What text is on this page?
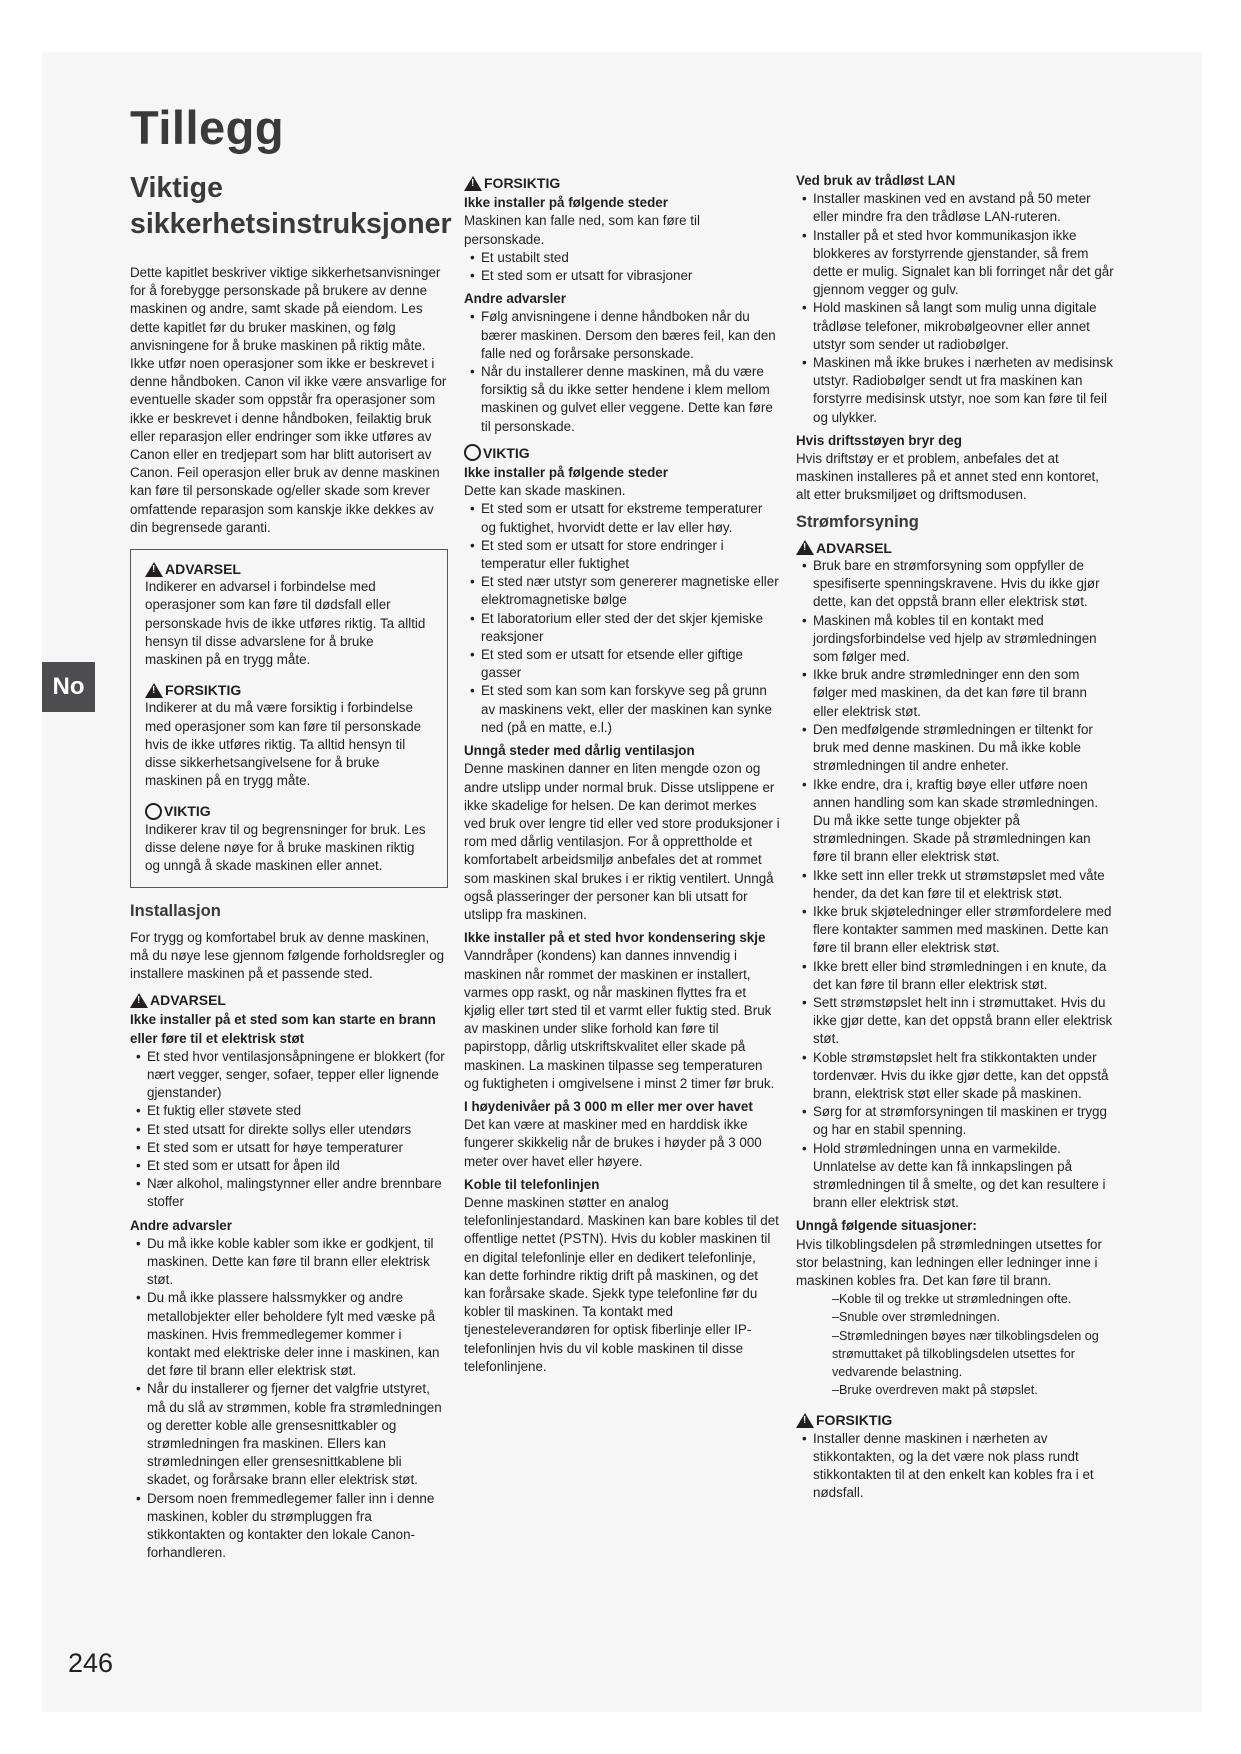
Tillegg
No
Viktige sikkerhetsinstruksjoner

Dette kapitlet beskriver viktige sikkerhetsanvisninger for å forebygge personskade på brukere av denne maskinen og andre, samt skade på eiendom. Les dette kapitlet før du bruker maskinen, og følg anvisningene for å bruke maskinen på riktig måte. Ikke utfør noen operasjoner som ikke er beskrevet i denne håndboken. Canon vil ikke være ansvarlige for eventuelle skader som oppstår fra operasjoner som ikke er beskrevet i denne håndboken, feilaktig bruk eller reparasjon eller endringer som ikke utføres av Canon eller en tredjepart som har blitt autorisert av Canon. Feil operasjon eller bruk av denne maskinen kan føre til personskade og/eller skade som krever omfattende reparasjon som kanskje ikke dekkes av din begrensede garanti.

!
ADVARSEL

Indikerer en advarsel i forbindelse med operasjoner som kan føre til dødsfall eller personskade hvis de ikke utføres riktig. Ta alltid hensyn til disse advarslene for å bruke maskinen på en trygg måte.

!
FORSIKTIG

Indikerer at du må være forsiktig i forbindelse med operasjoner som kan føre til personskade hvis de ikke utføres riktig. Ta alltid hensyn til disse sikkerhetsangivelsene for å bruke maskinen på en trygg måte.

VIKTIG

Indikerer krav til og begrensninger for bruk. Les disse delene nøye for å bruke maskinen riktig og unngå å skade maskinen eller annet.

Installasjon

For trygg og komfortabel bruk av denne maskinen, må du nøye lese gjennom følgende forholdsregler og installere maskinen på et passende sted.

!
ADVARSEL

Ikke installer på et sted som kan starte en brann eller føre til et elektrisk støt

• Et sted hvor ventilasjonsåpningene er blokkert (for nært vegger, senger, sofaer, tepper eller lignende gjenstander)
• Et fuktig eller støvete sted
• Et sted utsatt for direkte sollys eller utendørs
• Et sted som er utsatt for høye temperaturer
• Et sted som er utsatt for åpen ild
• Nær alkohol, malingstynner eller andre brennbare stoffer

Andre advarsler

• Du må ikke koble kabler som ikke er godkjent, til maskinen. Dette kan føre til brann eller elektrisk støt.
• Du må ikke plassere halssmykker og andre metallobjekter eller beholdere fylt med væske på maskinen. Hvis fremmedlegemer kommer i kontakt med elektriske deler inne i maskinen, kan det føre til brann eller elektrisk støt.
• Når du installerer og fjerner det valgfrie utstyret, må du slå av strømmen, koble fra strømledningen og deretter koble alle grensesnittkabler og strømledningen fra maskinen. Ellers kan strømledningen eller grensesnittkablene bli skadet, og forårsake brann eller elektrisk støt.
• Dersom noen fremmedlegemer faller inn i denne maskinen, kobler du strømpluggen fra stikkontakten og kontakter den lokale Canon-forhandleren.
!
FORSIKTIG

Ikke installer på følgende steder

Maskinen kan falle ned, som kan føre til personskade.

• Et ustabilt sted
• Et sted som er utsatt for vibrasjoner

Andre advarsler

• Følg anvisningene i denne håndboken når du bærer maskinen. Dersom den bæres feil, kan den falle ned og forårsake personskade.
• Når du installerer denne maskinen, må du være forsiktig så du ikke setter hendene i klem mellom maskinen og gulvet eller veggene. Dette kan føre til personskade.
VIKTIG

Ikke installer på følgende steder

Dette kan skade maskinen.

• Et sted som er utsatt for ekstreme temperaturer og fuktighet, hvorvidt dette er lav eller høy.
• Et sted som er utsatt for store endringer i temperatur eller fuktighet
• Et sted nær utstyr som genererer magnetiske eller elektromagnetiske bølge
• Et laboratorium eller sted der det skjer kjemiske reaksjoner
• Et sted som er utsatt for etsende eller giftige gasser
• Et sted som kan som kan forskyve seg på grunn av maskinens vekt, eller der maskinen kan synke ned (på en matte, e.l.)

Unngå steder med dårlig ventilasjon

Denne maskinen danner en liten mengde ozon og andre utslipp under normal bruk. Disse utslippene er ikke skadelige for helsen. De kan derimot merkes ved bruk over lengre tid eller ved store produksjoner i rom med dårlig ventilasjon. For å opprettholde et komfortabelt arbeidsmiljø anbefales det at rommet som maskinen skal brukes i er riktig ventilert. Unngå også plasseringer der personer kan bli utsatt for utslipp fra maskinen.

Ikke installer på et sted hvor kondensering skje

Vanndråper (kondens) kan dannes innvendig i maskinen når rommet der maskinen er installert, varmes opp raskt, og når maskinen flyttes fra et kjølig eller tørt sted til et varmt eller fuktig sted. Bruk av maskinen under slike forhold kan føre til papirstopp, dårlig utskriftskvalitet eller skade på maskinen. La maskinen tilpasse seg temperaturen og fuktigheten i omgivelsene i minst 2 timer før bruk.

I høydenivåer på 3 000 m eller mer over havet

Det kan være at maskiner med en harddisk ikke fungerer skikkelig når de brukes i høyder på 3 000 meter over havet eller høyere.

Koble til telefonlinjen

Denne maskinen støtter en analog telefonlinjestandard. Maskinen kan bare kobles til det offentlige nettet (PSTN). Hvis du kobler maskinen til en digital telefonlinje eller en dedikert telefonlinje, kan dette forhindre riktig drift på maskinen, og det kan forårsake skade. Sjekk type telefonline før du kobler til maskinen. Ta kontakt med tjenesteleverandøren for optisk fiberlinje eller IP-telefonlinjen hvis du vil koble maskinen til disse telefonlinjene.

Ved bruk av trådløst LAN

• Installer maskinen ved en avstand på 50 meter eller mindre fra den trådløse LAN-ruteren.
• Installer på et sted hvor kommunikasjon ikke blokkeres av forstyrrende gjenstander, så frem dette er mulig. Signalet kan bli forringet når det går gjennom vegger og gulv.
• Hold maskinen så langt som mulig unna digitale trådløse telefoner, mikrobølgeovner eller annet utstyr som sender ut radiobølger.
• Maskinen må ikke brukes i nærheten av medisinsk utstyr. Radiobølger sendt ut fra maskinen kan forstyrre medisinsk utstyr, noe som kan føre til feil og ulykker.

Hvis driftsstøyen bryr deg

Hvis driftstøy er et problem, anbefales det at maskinen installeres på et annet sted enn kontoret, alt etter bruksmiljøet og driftsmodusen.

Strømforsyning
!
ADVARSEL
• Bruk bare en strømforsyning som oppfyller de spesifiserte spenningskravene. Hvis du ikke gjør dette, kan det oppstå brann eller elektrisk støt.
• Maskinen må kobles til en kontakt med jordingsforbindelse ved hjelp av strømledningen som følger med.
• Ikke bruk andre strømledninger enn den som følger med maskinen, da det kan føre til brann eller elektrisk støt.
• Den medfølgende strømledningen er tiltenkt for bruk med denne maskinen. Du må ikke koble strømledningen til andre enheter.
• Ikke endre, dra i, kraftig bøye eller utføre noen annen handling som kan skade strømledningen. Du må ikke sette tunge objekter på strømledningen. Skade på strømledningen kan føre til brann eller elektrisk støt.
• Ikke sett inn eller trekk ut strømstøpslet med våte hender, da det kan føre til et elektrisk støt.
• Ikke bruk skjøteledninger eller strømfordelere med flere kontakter sammen med maskinen. Dette kan føre til brann eller elektrisk støt.
• Ikke brett eller bind strømledningen i en knute, da det kan føre til brann eller elektrisk støt.
• Sett strømstøpslet helt inn i strømuttaket. Hvis du ikke gjør dette, kan det oppstå brann eller elektrisk støt.
• Koble strømstøpslet helt fra stikkontakten under tordenvær. Hvis du ikke gjør dette, kan det oppstå brann, elektrisk støt eller skade på maskinen.
• Sørg for at strømforsyningen til maskinen er trygg og har en stabil spenning.
• Hold strømledningen unna en varmekilde. Unnlatelse av dette kan få innkapslingen på strømledningen til å smelte, og det kan resultere i brann eller elektrisk støt.

Unngå følgende situasjoner:

Hvis tilkoblingsdelen på strømledningen utsettes for stor belastning, kan ledningen eller ledninger inne i maskinen kobles fra. Det kan føre til brann.

–Koble til og trekke ut strømledningen ofte.
–Snuble over strømledningen.
–Strømledningen bøyes nær tilkoblingsdelen og strømuttaket på tilkoblingsdelen utsettes for vedvarende belastning.
–Bruke overdreven makt på støpslet.
!
FORSIKTIG
• Installer denne maskinen i nærheten av stikkontakten, og la det være nok plass rundt stikkontakten til at den enkelt kan kobles fra i et nødsfall.
246
